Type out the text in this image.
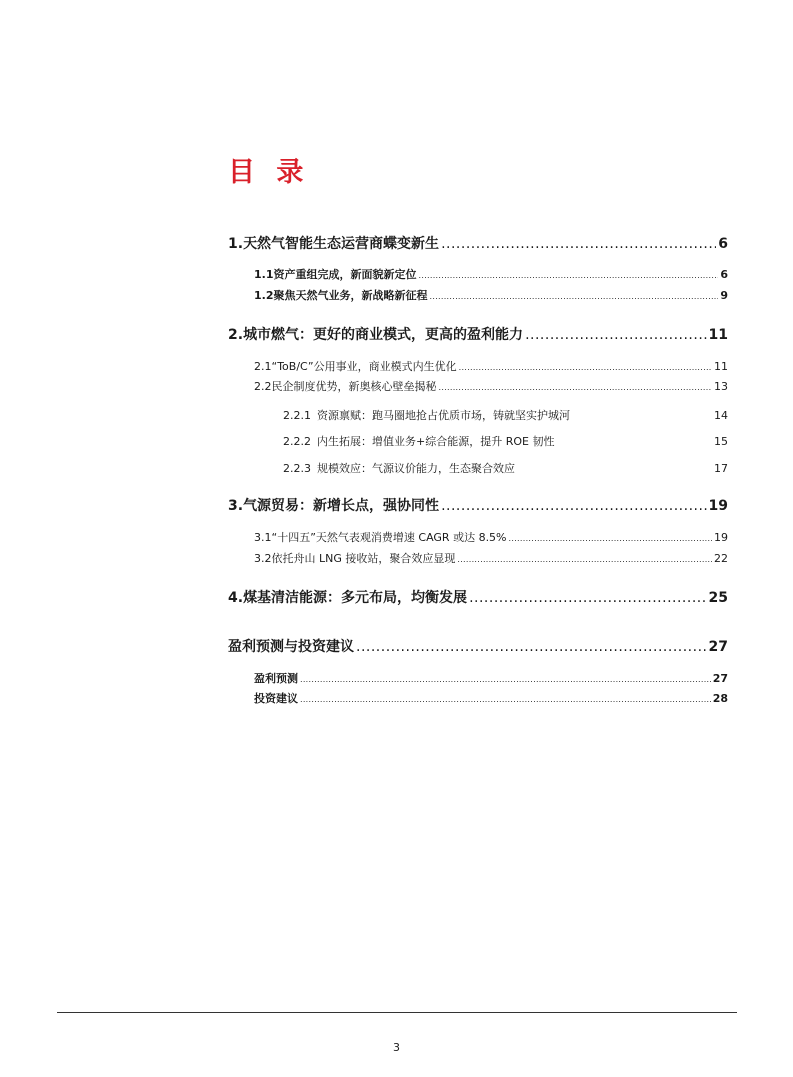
目 录
1. 天然气智能生态运营商蝶变新生 .....	6
1.1 资产重组完成，新面貌新定位 .....	6
1.2 聚焦天然气业务，新战略新征程 .....	9
2. 城市燃气：更好的商业模式，更高的盈利能力 .....	11
2.1 “ToB/C”公用事业，商业模式内生优化 .....	11
2.2 民企制度优势，新奥核心壁垒揭秘 .....	13
2.2.1 资源禀赋：跑马圈地抢占优质市场，铸就坚实护城河	14
2.2.2 内生拓展：增值业务+综合能源，提升 ROE 韧性	15
2.2.3 规模效应：气源议价能力，生态聚合效应	17
3. 气源贸易：新增长点，强协同性 .....	19
3.1 “十四五”天然气表观消费增速 CAGR 或达 8.5% .....	19
3.2 依托舟山 LNG 接收站，聚合效应显现 .....	22
4. 煤基清洁能源：多元布局，均衡发展 .....	25
盈利预测与投资建议 .....	27
盈利预测 .....	27
投资建议 .....	28
3
